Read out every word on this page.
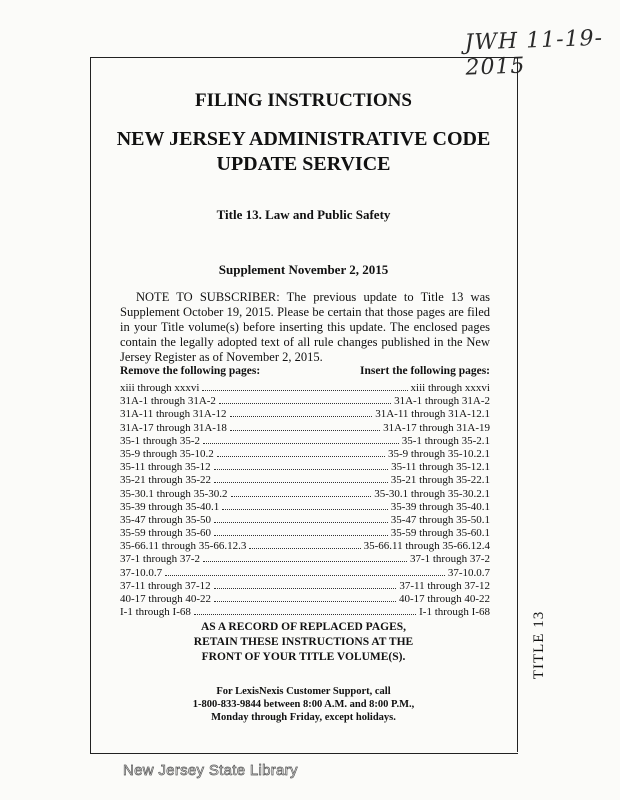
JWH 11-19-2015
FILING INSTRUCTIONS
NEW JERSEY ADMINISTRATIVE CODE
UPDATE SERVICE
Title 13. Law and Public Safety
Supplement November 2, 2015
NOTE TO SUBSCRIBER: The previous update to Title 13 was Supplement October 19, 2015. Please be certain that those pages are filed in your Title volume(s) before inserting this update. The enclosed pages contain the legally adopted text of all rule changes published in the New Jersey Register as of November 2, 2015.
Remove the following pages:	Insert the following pages:
xiii through xxxvi	xiii through xxxvi
31A-1 through 31A-2	31A-1 through 31A-2
31A-11 through 31A-12	31A-11 through 31A-12.1
31A-17 through 31A-18	31A-17 through 31A-19
35-1 through 35-2	35-1 through 35-2.1
35-9 through 35-10.2	35-9 through 35-10.2.1
35-11 through 35-12	35-11 through 35-12.1
35-21 through 35-22	35-21 through 35-22.1
35-30.1 through 35-30.2	35-30.1 through 35-30.2.1
35-39 through 35-40.1	35-39 through 35-40.1
35-47 through 35-50	35-47 through 35-50.1
35-59 through 35-60	35-59 through 35-60.1
35-66.11 through 35-66.12.3	35-66.11 through 35-66.12.4
37-1 through 37-2	37-1 through 37-2
37-10.0.7	37-10.0.7
37-11 through 37-12	37-11 through 37-12
40-17 through 40-22	40-17 through 40-22
I-1 through I-68	I-1 through I-68
AS A RECORD OF REPLACED PAGES,
RETAIN THESE INSTRUCTIONS AT THE
FRONT OF YOUR TITLE VOLUME(S).
For LexisNexis Customer Support, call
1-800-833-9844 between 8:00 A.M. and 8:00 P.M.,
Monday through Friday, except holidays.
TITLE 13
New Jersey State Library
